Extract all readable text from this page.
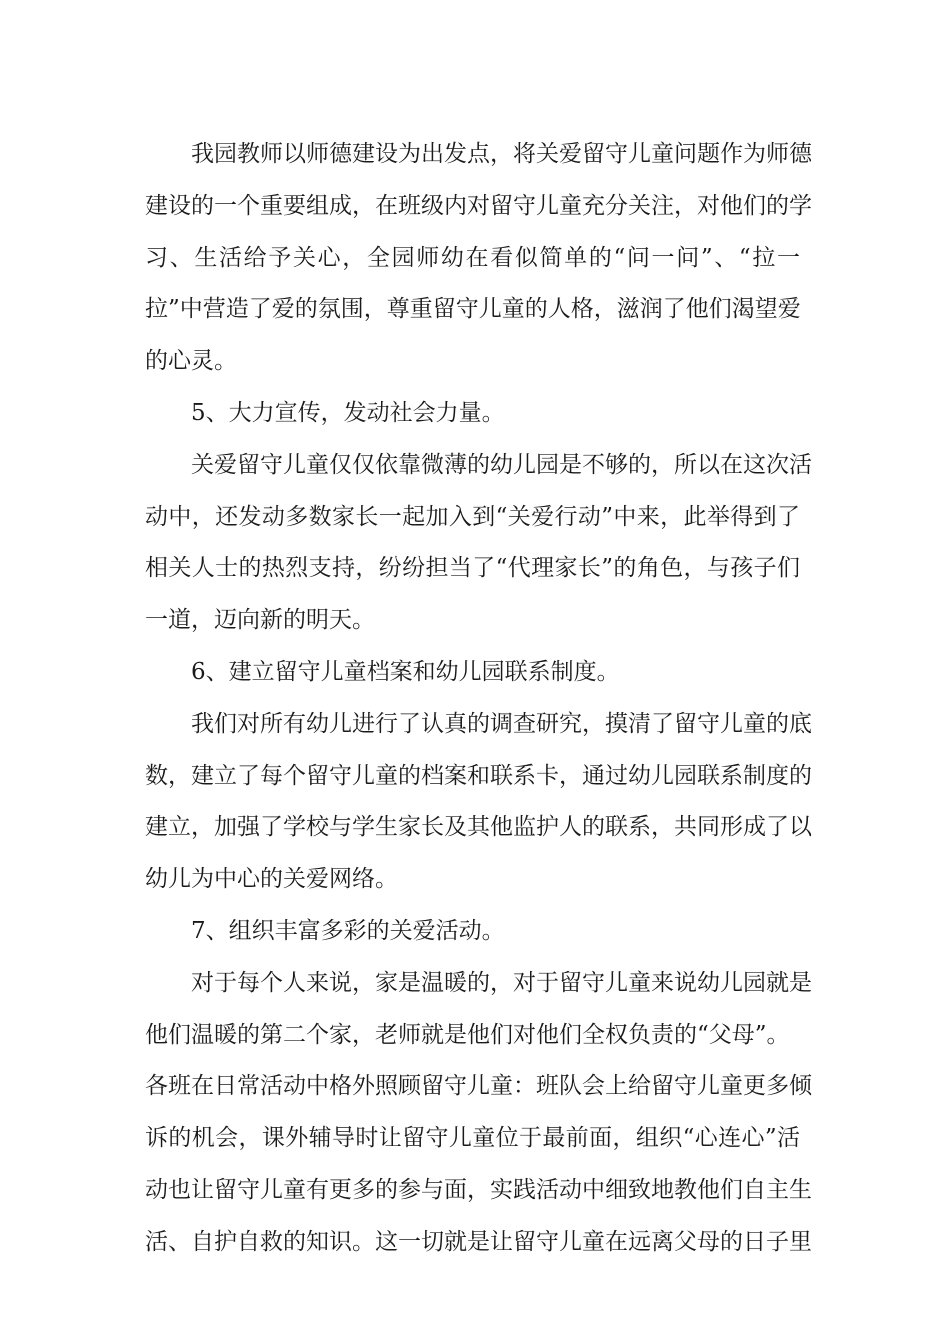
我园教师以师德建设为出发点，将关爱留守儿童问题作为师德
建设的一个重要组成，在班级内对留守儿童充分关注，对他们的学
习、生活给予关心，全园师幼在看似简单的“问一问”、“拉一
拉”中营造了爱的氛围，尊重留守儿童的人格，滋润了他们渴望爱
的心灵。
5、大力宣传，发动社会力量。
关爱留守儿童仅仅依靠微薄的幼儿园是不够的，所以在这次活
动中，还发动多数家长一起加入到“关爱行动”中来，此举得到了
相关人士的热烈支持，纷纷担当了“代理家长”的角色，与孩子们
一道，迈向新的明天。
6、建立留守儿童档案和幼儿园联系制度。
我们对所有幼儿进行了认真的调查研究，摸清了留守儿童的底
数，建立了每个留守儿童的档案和联系卡，通过幼儿园联系制度的
建立，加强了学校与学生家长及其他监护人的联系，共同形成了以
幼儿为中心的关爱网络。
7、组织丰富多彩的关爱活动。
对于每个人来说，家是温暖的，对于留守儿童来说幼儿园就是
他们温暖的第二个家，老师就是他们对他们全权负责的“父母”。
各班在日常活动中格外照顾留守儿童：班队会上给留守儿童更多倾
诉的机会，课外辅导时让留守儿童位于最前面，组织“心连心”活
动也让留守儿童有更多的参与面，实践活动中细致地教他们自主生
活、自护自救的知识。这一切就是让留守儿童在远离父母的日子里
